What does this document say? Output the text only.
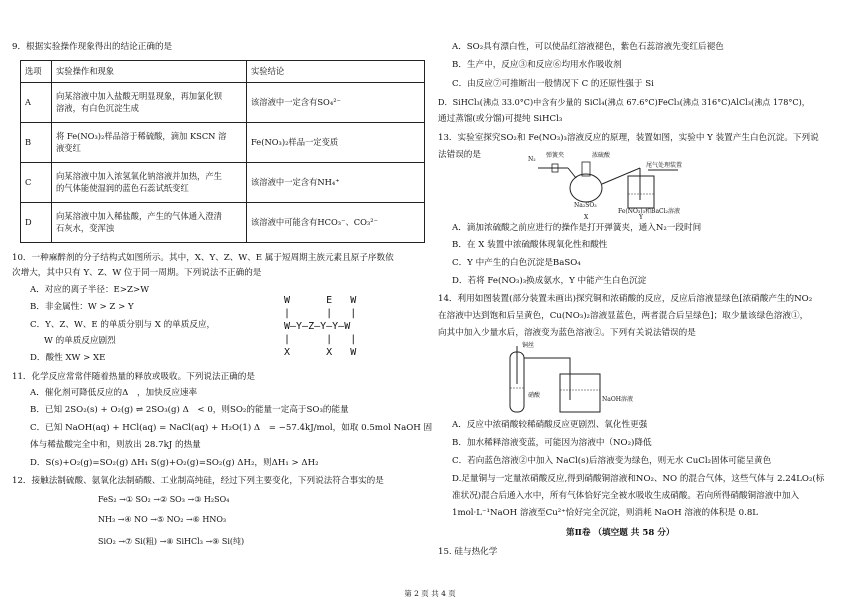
9．根据实验操作现象得出的结论正确的是
选项	实验操作和现象	实验结论
A	向某溶液中加入盐酸无明显现象，再加氯化钡
溶液，有白色沉淀生成	该溶液中一定含有SO₄²⁻
B	将 Fe(NO₃)₂样品溶于稀硫酸，滴加 KSCN 溶
液变红	Fe(NO₃)₂样品一定变质
C	向某溶液中加入浓氢氧化钠溶液并加热，产生
的气体能使湿润的蓝色石蕊试纸变红	该溶液中一定含有NH₄⁺
D	向某溶液中加入稀盐酸，产生的气体通入澄清
石灰水，变浑浊	该溶液中可能含有HCO₃⁻、CO₃²⁻
10．一种麻醉剂的分子结构式如图所示。其中，X、Y、Z、W、E 属于短周期主族元素且原子序数依
次增大，其中只有 Y、Z、W 位于同一周期。下列说法不正确的是
A．对应的离子半径：E>Z>W
B．非金属性：W > Z > Y
C．Y、Z、W、E 的单质分别与 X 的单质反应，
W 的单质反应剧烈
D．酸性 XW > XE
W      E   W
|      |   |
W—Y—Z—Y—Y—W
|      |   |
X      X   W
11．化学反应常常伴随着热量的释放或吸收。下列说法正确的是
A．催化剂可降低反应的Δ　，加快反应速率
B．已知 2SO₂(s) + O₂(g) ⇌ 2SO₃(g) Δ　< 0，则SO₂的能量一定高于SO₃的能量
C．已知 NaOH(aq) + HCl(aq) = NaCl(aq) + H₂O(1) Δ　= −57.4kJ/mol，如取 0.5mol NaOH 固
体与稀盐酸完全中和，则放出 28.7kJ 的热量
D．S(s)+O₂(g)=SO₂(g) ΔH₁ S(g)+O₂(g)=SO₂(g) ΔH₂，则ΔH₁ > ΔH₂
12．接触法制硫酸、氨氧化法制硝酸、工业制高纯硅，经过下列主要变化，下列说法符合事实的是
FeS₂ →① SO₂ →② SO₃ →③ H₂SO₄
NH₃ →④ NO →⑤ NO₂ →⑥ HNO₃
SiO₂ →⑦ Si(粗) →⑧ SiHCl₃ →⑨ Si(纯)
A．SO₂具有漂白性，可以使品红溶液褪色，紫色石蕊溶液先变红后褪色
B．生产中，反应③和反应⑥均用水作吸收剂
C．由反应⑦可推断出一般情况下 C 的还原性强于 Si
D．SiHCl₃(沸点 33.0°C)中含有少量的 SiCl₄(沸点 67.6°C)FeCl₃(沸点 316°C)AlCl₃(沸点 178°C)，
通过蒸馏(或分馏)可提纯 SiHCl₃
13．实验室探究SO₂和 Fe(NO₃)₃溶液反应的原理，装置如图，实验中 Y 装置产生白色沉淀。下列说
法错误的是	N₂
弹簧夹	浓硫酸
尾气处理装置
Na₂SO₃
Fe(NO₃)₃和BaCl₂溶液
X	Y
A．滴加浓硫酸之前应进行的操作是打开弹簧夹，通入N₂一段时间
B．在 X 装置中浓硫酸体现氧化性和酸性
C．Y 中产生的白色沉淀是BaSO₄
D．若将 Fe(NO₃)₃换成氨水，Y 中能产生白色沉淀
14．利用如图装置(部分装置未画出)探究铜和浓硝酸的反应，反应后溶液显绿色[浓硝酸产生的NO₂
在溶液中达到饱和后呈黄色，Cu(NO₃)₂溶液显蓝色，两者混合后呈绿色]；取少量该绿色溶液①，
向其中加入少量水后，溶液变为蓝色溶液②。下列有关说法错误的是
铜丝
硝酸
NaOH溶液
A．反应中浓硝酸较稀硝酸反应更剧烈、氧化性更强
B．加水稀释溶液变蓝，可能因为溶液中（NO₂)降低
C．若向蓝色溶液②中加入 NaCl(s)后溶液变为绿色，则无水 CuCl₂固体可能呈黄色
D.足量铜与一定量浓硝酸反应,得到硝酸铜溶液和NO₂、NO 的混合气体，这些气体与 2.24LO₂(标
准状况)混合后通入水中，所有气体恰好完全被水吸收生成硝酸。若向所得硝酸铜溶液中加入
1mol·L⁻¹NaOH 溶液至Cu²⁺恰好完全沉淀，则消耗 NaOH 溶液的体积是 0.8L
第Ⅱ卷 （填空题 共 58 分）
15. 硅与热化学
第 2 页 共 4 页
